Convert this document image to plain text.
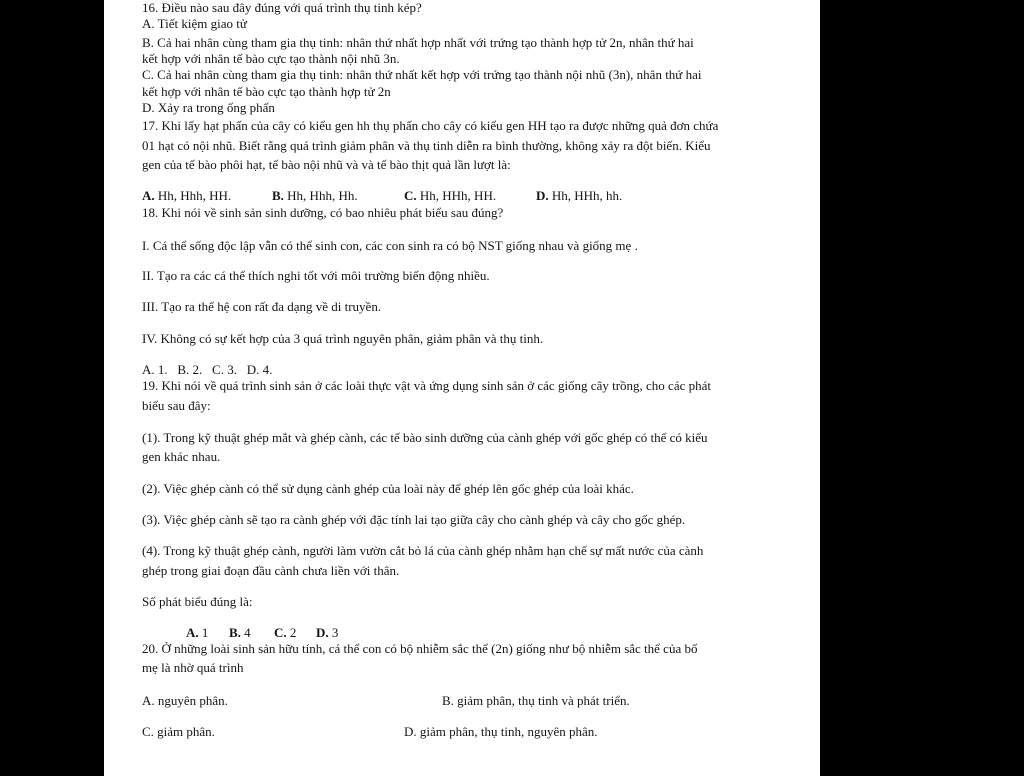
16. Điều nào sau đây đúng với quá trình thụ tinh kép?
A. Tiết kiệm giao tử
B. Cả hai nhân cùng tham gia thụ tinh: nhân thứ nhất hợp nhất với trứng tạo thành hợp tử 2n, nhân thứ hai
kết hợp với nhân tế bào cực tạo thành nội nhũ 3n.
C. Cả hai nhân cùng tham gia thụ tinh: nhân thứ nhất kết hợp với trứng tạo thành nội nhũ (3n), nhân thứ hai
kết hợp với nhân tế bào cực tạo thành hợp tử 2n
D. Xảy ra trong ống phấn
17. Khi lấy hạt phấn của cây có kiểu gen hh thụ phấn cho cây có kiểu gen HH tạo ra được những quả đơn chứa
01 hạt có nội nhũ. Biết rằng quá trình giảm phân và thụ tinh diễn ra bình thường, không xảy ra đột biến. Kiểu
gen của tế bào phôi hạt, tế bào nội nhũ và và tế bào thịt quả lần lượt là:
A. Hh, Hhh, HH.	B. Hh, Hhh, Hh.	C. Hh, HHh, HH.	D. Hh, HHh, hh.
18. Khi nói về sinh sản sinh dưỡng, có bao nhiêu phát biểu sau đúng?
I. Cá thể sống độc lập vẫn có thể sinh con, các con sinh ra có bộ NST giống nhau và giống mẹ .
II. Tạo ra các cá thể thích nghi tốt với môi trường biến động nhiều.
III. Tạo ra thế hệ con rất đa dạng về di truyền.
IV. Không có sự kết hợp của 3 quá trình nguyên phân, giảm phân và thụ tinh.
A. 1.   B. 2.   C. 3.   D. 4.
19. Khi nói về quá trình sinh sản ở các loài thực vật và ứng dụng sinh sản ở các giống cây trồng, cho các phát
biểu sau đây:
(1). Trong kỹ thuật ghép mắt và ghép cành, các tế bào sinh dưỡng của cành ghép với gốc ghép có thể có kiểu
gen khác nhau.
(2). Việc ghép cành có thể sử dụng cành ghép của loài này để ghép lên gốc ghép của loài khác.
(3). Việc ghép cành sẽ tạo ra cành ghép với đặc tính lai tạo giữa cây cho cành ghép và cây cho gốc ghép.
(4). Trong kỹ thuật ghép cành, người làm vườn cắt bỏ lá của cành ghép nhằm hạn chế sự mất nước của cành
ghép trong giai đoạn đầu cành chưa liền với thân.
Số phát biểu đúng là:
A. 1 B. 4 C. 2 D. 3
20. Ở những loài sinh sản hữu tính, cá thể con có bộ nhiễm sắc thể (2n) giống như bộ nhiễm sắc thể của bố
mẹ là nhờ quá trình
A. nguyên phân.	B. giảm phân, thụ tinh và phát triển.
C. giảm phân.	D. giảm phân, thụ tinh, nguyên phân.
